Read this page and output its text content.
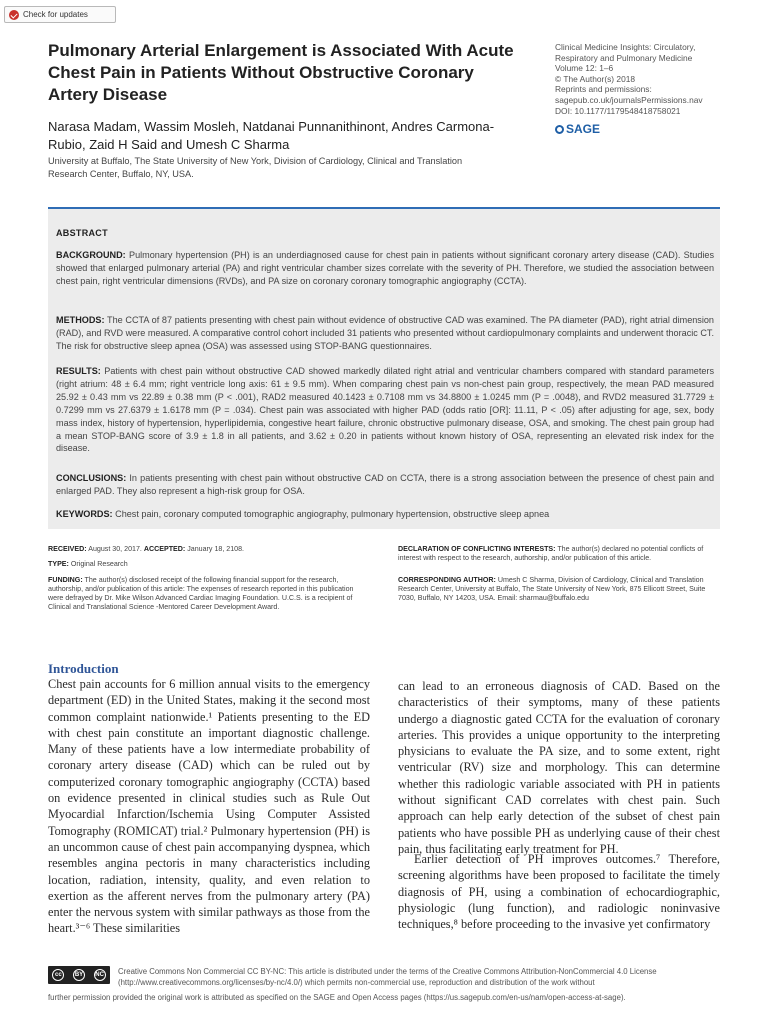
Check for updates
Pulmonary Arterial Enlargement is Associated With Acute Chest Pain in Patients Without Obstructive Coronary Artery Disease
Narasa Madam, Wassim Mosleh, Natdanai Punnanithinont, Andres Carmona-Rubio, Zaid H Said and Umesh C Sharma
University at Buffalo, The State University of New York, Division of Cardiology, Clinical and Translation Research Center, Buffalo, NY, USA.
Clinical Medicine Insights: Circulatory,
Respiratory and Pulmonary Medicine
Volume 12: 1–6
© The Author(s) 2018
Reprints and permissions:
sagepub.co.uk/journalsPermissions.nav
DOI: 10.1177/1179548418758021
SAGE
ABSTRACT
BACKGROUND: Pulmonary hypertension (PH) is an underdiagnosed cause for chest pain in patients without significant coronary artery disease (CAD). Studies showed that enlarged pulmonary arterial (PA) and right ventricular chamber sizes correlate with the severity of PH. Therefore, we studied the association between chest pain, right ventricular dimensions (RVDs), and PA size on coronary coronary tomographic angiography (CCTA).
METHODS: The CCTA of 87 patients presenting with chest pain without evidence of obstructive CAD was examined. The PA diameter (PAD), right atrial dimension (RAD), and RVD were measured. A comparative control cohort included 31 patients who presented without cardiopulmonary complaints and underwent thoracic CT. The risk for obstructive sleep apnea (OSA) was assessed using STOP-BANG questionnaires.
RESULTS: Patients with chest pain without obstructive CAD showed markedly dilated right atrial and ventricular chambers compared with standard parameters (right atrium: 48 ± 6.4 mm; right ventricle long axis: 61 ± 9.5 mm). When comparing chest pain vs non-chest pain group, respectively, the mean PAD measured 25.92 ± 0.43 mm vs 22.89 ± 0.38 mm (P < .001), RAD2 measured 40.1423 ± 0.7108 mm vs 34.8800 ± 1.0245 mm (P = .0048), and RVD2 measured 31.7729 ± 0.7299 mm vs 27.6379 ± 1.6178 mm (P = .034). Chest pain was associated with higher PAD (odds ratio [OR]: 11.11, P < .05) after adjusting for age, sex, body mass index, history of hypertension, hyperlipidemia, congestive heart failure, chronic obstructive pulmonary disease, OSA, and smoking. The chest pain group had a mean STOP-BANG score of 3.9 ± 1.8 in all patients, and 3.62 ± 0.20 in patients without known history of OSA, representing an elevated risk index for the disease.
CONCLUSIONS: In patients presenting with chest pain without obstructive CAD on CCTA, there is a strong association between the presence of chest pain and enlarged PAD. They also represent a high-risk group for OSA.
KEYWORDS: Chest pain, coronary computed tomographic angiography, pulmonary hypertension, obstructive sleep apnea
RECEIVED: August 30, 2017. ACCEPTED: January 18, 2108.
TYPE: Original Research
FUNDING: The author(s) disclosed receipt of the following financial support for the research, authorship, and/or publication of this article: The expenses of research reported in this publication were defrayed by Dr. Mike Wilson Advanced Cardiac Imaging Foundation. U.C.S. is a recipient of Clinical and Translational Science -Mentored Career Development Award.
DECLARATION OF CONFLICTING INTERESTS: The author(s) declared no potential conflicts of interest with respect to the research, authorship, and/or publication of this article.
CORRESPONDING AUTHOR: Umesh C Sharma, Division of Cardiology, Clinical and Translation Research Center, University at Buffalo, The State University of New York, 875 Ellicott Street, Suite 7030, Buffalo, NY 14203, USA. Email: sharmau@buffalo.edu
Introduction
Chest pain accounts for 6 million annual visits to the emergency department (ED) in the United States, making it the second most common complaint nationwide.¹ Patients presenting to the ED with chest pain constitute an important diagnostic challenge. Many of these patients have a low intermediate probability of coronary artery disease (CAD) which can be ruled out by computerized coronary tomographic angiography (CCTA) based on evidence presented in clinical studies such as Rule Out Myocardial Infarction/Ischemia Using Computer Assisted Tomography (ROMICAT) trial.² Pulmonary hypertension (PH) is an uncommon cause of chest pain accompanying dyspnea, which resembles angina pectoris in many characteristics including location, radiation, intensity, quality, and even relation to exertion as the afferent nerves from the pulmonary artery (PA) enter the nervous system with similar pathways as those from the heart.³⁻⁶ These similarities
can lead to an erroneous diagnosis of CAD. Based on the characteristics of their symptoms, many of these patients undergo a diagnostic gated CCTA for the evaluation of coronary arteries. This provides a unique opportunity to the interpreting physicians to evaluate the PA size, and to some extent, right ventricular (RV) size and morphology. This can determine whether this radiologic variable associated with PH in patients without significant CAD correlates with chest pain. Such approach can help early detection of the subset of chest pain patients who have possible PH as underlying cause of their chest pain, thus facilitating early treatment for PH.
Earlier detection of PH improves outcomes.⁷ Therefore, screening algorithms have been proposed to facilitate the timely diagnosis of PH, using a combination of echocardiographic, physiologic (lung function), and radiologic noninvasive techniques,⁸ before proceeding to the invasive yet confirmatory
cc	BY	NC Creative Commons Non Commercial CC BY-NC: This article is distributed under the terms of the Creative Commons Attribution-NonCommercial 4.0 License (http://www.creativecommons.org/licenses/by-nc/4.0/) which permits non-commercial use, reproduction and distribution of the work without
further permission provided the original work is attributed as specified on the SAGE and Open Access pages (https://us.sagepub.com/en-us/nam/open-access-at-sage).
